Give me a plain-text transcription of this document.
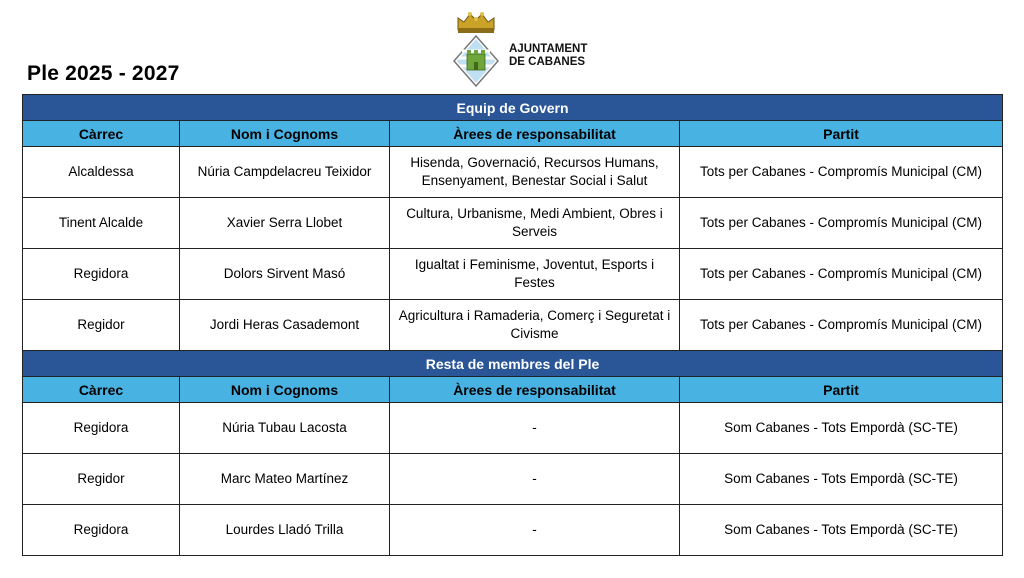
Ple 2025 - 2027
AJUNTAMENT
DE CABANES
Equip de Govern			
Càrrec	Nom i Cognoms	Àrees de responsabilitat	Partit
Alcaldessa	Núria Campdelacreu Teixidor	Hisenda, Governació, Recursos Humans, Ensenyament, Benestar Social i Salut	Tots per Cabanes - Compromís Municipal (CM)
Tinent Alcalde	Xavier Serra Llobet	Cultura, Urbanisme, Medi Ambient, Obres i Serveis	Tots per Cabanes - Compromís Municipal (CM)
Regidora	Dolors Sirvent Masó	Igualtat i Feminisme, Joventut, Esports i Festes	Tots per Cabanes - Compromís Municipal (CM)
Regidor	Jordi Heras Casademont	Agricultura i Ramaderia, Comerç i Seguretat i Civisme	Tots per Cabanes - Compromís Municipal (CM)
Resta de membres del Ple			
Càrrec	Nom i Cognoms	Àrees de responsabilitat	Partit
Regidora	Núria Tubau Lacosta	-	Som Cabanes - Tots Empordà (SC-TE)
Regidor	Marc Mateo Martínez	-	Som Cabanes - Tots Empordà (SC-TE)
Regidora	Lourdes Lladó Trilla	-	Som Cabanes - Tots Empordà (SC-TE)
